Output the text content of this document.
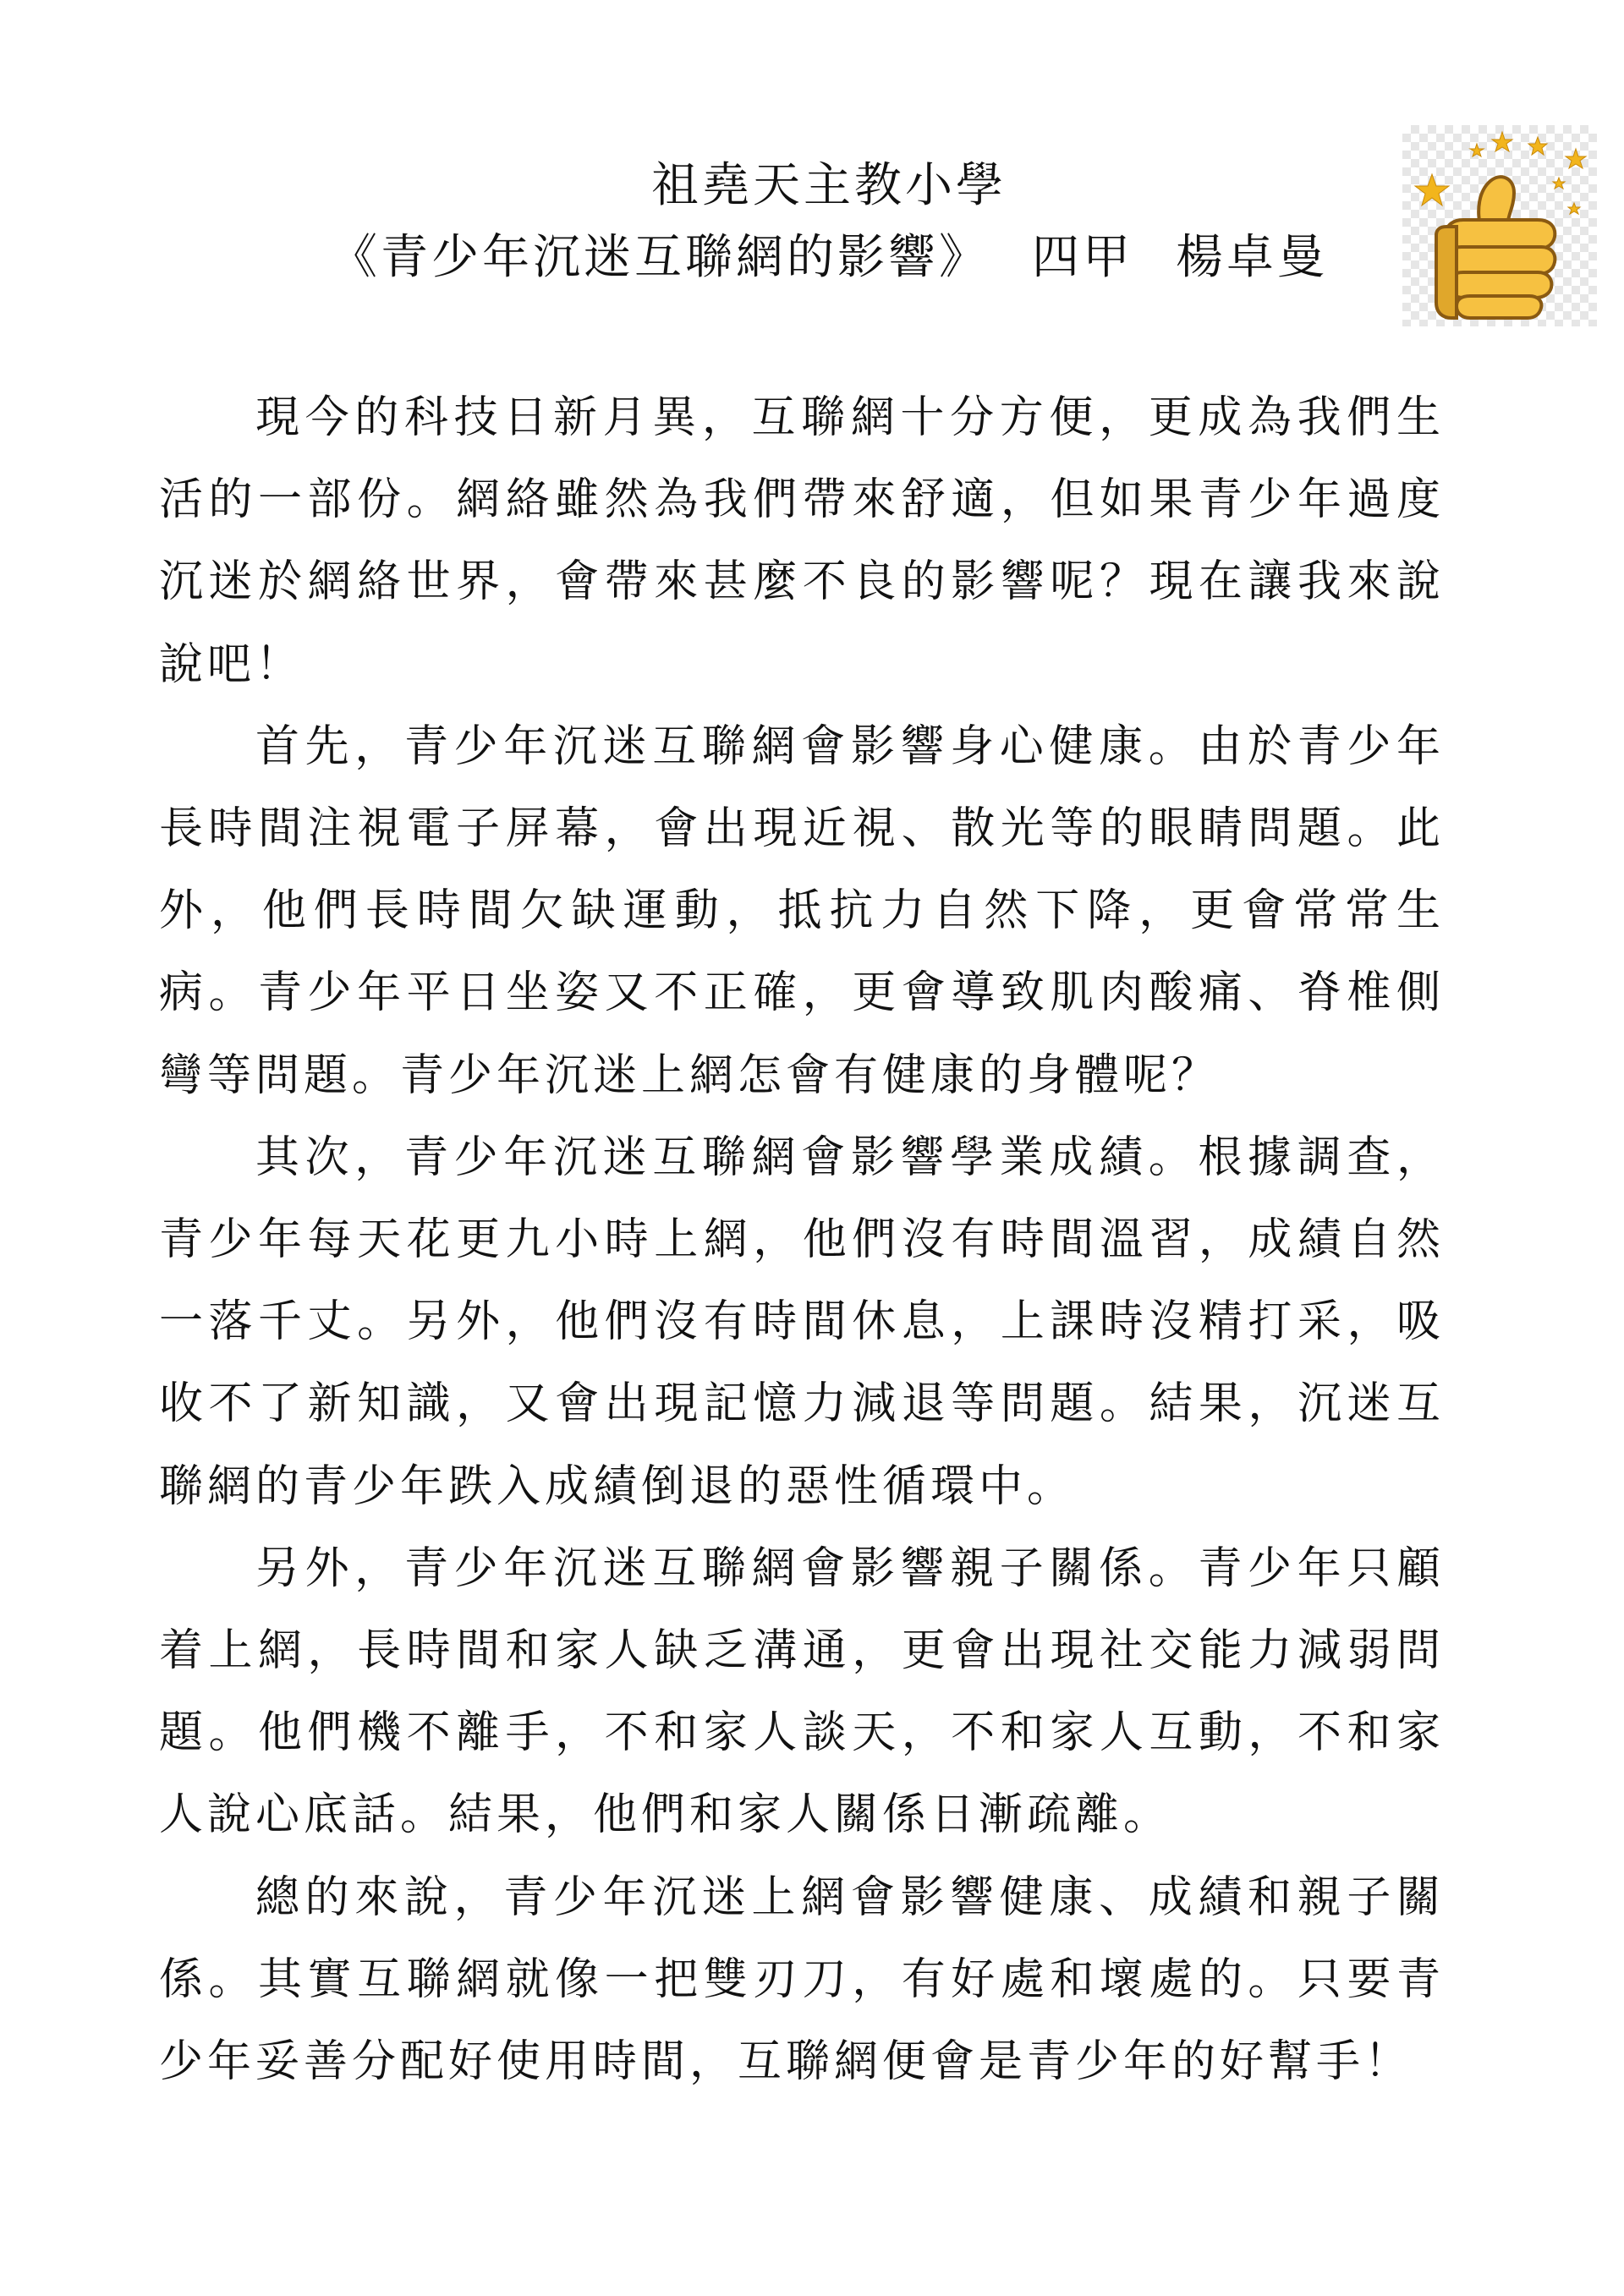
祖堯天主教小學
《青少年沉迷互聯網的影響》 四甲 楊卓曼

現今的科技日新月異，互聯網十分方便，更成為我們生活的一部份。網絡雖然為我們帶來舒適，但如果青少年過度沉迷於網絡世界，會帶來甚麼不良的影響呢？現在讓我來說說吧！

首先，青少年沉迷互聯網會影響身心健康。由於青少年長時間注視電子屏幕，會出現近視、散光等的眼睛問題。此外，他們長時間欠缺運動，抵抗力自然下降，更會常常生病。青少年平日坐姿又不正確，更會導致肌肉酸痛、脊椎側彎等問題。青少年沉迷上網怎會有健康的身體呢？

其次，青少年沉迷互聯網會影響學業成績。根據調查，青少年每天花更九小時上網，他們沒有時間溫習，成績自然一落千丈。另外，他們沒有時間休息，上課時沒精打采，吸收不了新知識，又會出現記憶力減退等問題。結果，沉迷互聯網的青少年跌入成績倒退的惡性循環中。

另外，青少年沉迷互聯網會影響親子關係。青少年只顧着上網，長時間和家人缺乏溝通，更會出現社交能力減弱問題。他們機不離手，不和家人談天，不和家人互動，不和家人說心底話。結果，他們和家人關係日漸疏離。

總的來說，青少年沉迷上網會影響健康、成績和親子關係。其實互聯網就像一把雙刃刀，有好處和壞處的。只要青少年妥善分配好使用時間，互聯網便會是青少年的好幫手！
